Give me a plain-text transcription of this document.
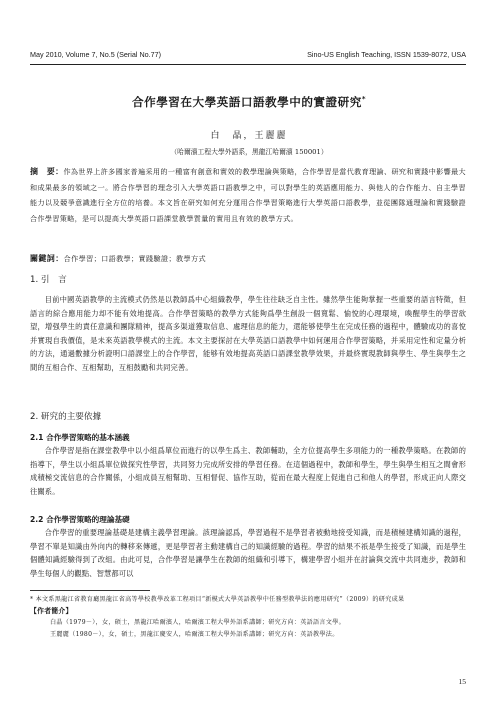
May 2010, Volume 7, No.5 (Serial No.77)	Sino-US English Teaching, ISSN 1539-8072, USA
合作學習在大學英語口語教學中的實證研究*
白　晶，王麗麗
（哈爾濱工程大學外語系，黑龍江哈爾濱 150001）
摘　要：作為世界上許多國家普遍采用的一種富有創意和實效的教學理論與策略，合作學習是當代教育理論、研究和實踐中影響最大和成果最多的領域之一。將合作學習的理念引入大學英語口語教學之中，可以對學生的英語應用能力、與他人的合作能力、自主學習能力以及競爭意識進行全方位的培養。本文旨在研究如何充分運用合作學習策略進行大學英語口語教學，並從團隊通理論和實踐驗證合作學習策略，是可以提高大學英語口語課堂教學質量的實用且有效的教學方式。
關鍵詞：合作學習；口語教學；實踐驗證；教學方式
1. 引　言
目前中國英語教學的主流模式仍然是以教師爲中心組織教學，學生往往缺乏自主性。雖然學生能夠掌握一些重要的語言特徵，但語言的綜合應用能力却不能有效地提高。合作學習策略的教學方式能夠爲學生創設一個寬鬆、愉悅的心理環境，喚醒學生的學習欲望，增强學生的責任意識和團隊精神，提高多渠道獲取信息、處理信息的能力，還能够使學生在完成任務的過程中，體驗成功的喜悅并實現自我價值，是未來英語教學模式的主流。本文主要探討在大學英語口語教學中如何運用合作學習策略，并采用定性和定量分析的方法，通過數據分析證明口語課堂上的合作學習，能够有效地提高英語口語課堂教學效果，并最終實現教師與學生、學生與學生之間的互相合作、互相幫助，互相鼓勵和共同完善。
2. 研究的主要依據
2.1 合作學習策略的基本涵義
合作學習是指在課堂教學中以小組爲單位而進行的以學生爲主、教師輔助，全方位提高學生多項能力的一種教學策略。在教師的指導下，學生以小組爲單位做探究性學習，共同努力完成所安排的學習任務。在這個過程中，教師和學生，學生與學生相互之間會形成積極交流信息的合作關係，小組成員互相幫助、互相督促、協作互助，從而在最大程度上促進自己和他人的學習，形成正向人際交往關系。
2.2 合作學習策略的理論基礎
合作學習的重要理論基礎是建構主義學習理論。該理論認爲，學習過程不是學習者被動地接受知識，而是積極建構知識的過程，學習不單是知識由外向内的轉移來傳遞，更是學習者主動建構自己的知識經驗的過程。學習的結果不祇是學生接受了知識，而是學生個體知識經驗得到了改組。由此可見，合作學習是讓學生在教師的組織和引導下，構建學習小組并在討論與交流中共同進步，教師和學生每個人的觀點、智慧都可以
* 本文系黑龍江省教育廳黑龍江省高等學校教學改革工程項目“新模式大學英語教學中任務型教學法的應用研究”（2009）的研究成果
【作者簡介】
白晶（1979－），女，碩士，黑龍江哈爾濱人，哈爾濱工程大學外語系講師；研究方向：英語語言文學。
王麗麗（1980－），女，碩士，黑龍江慶安人，哈爾濱工程大學外語系講師；研究方向：英語教學法。
15
